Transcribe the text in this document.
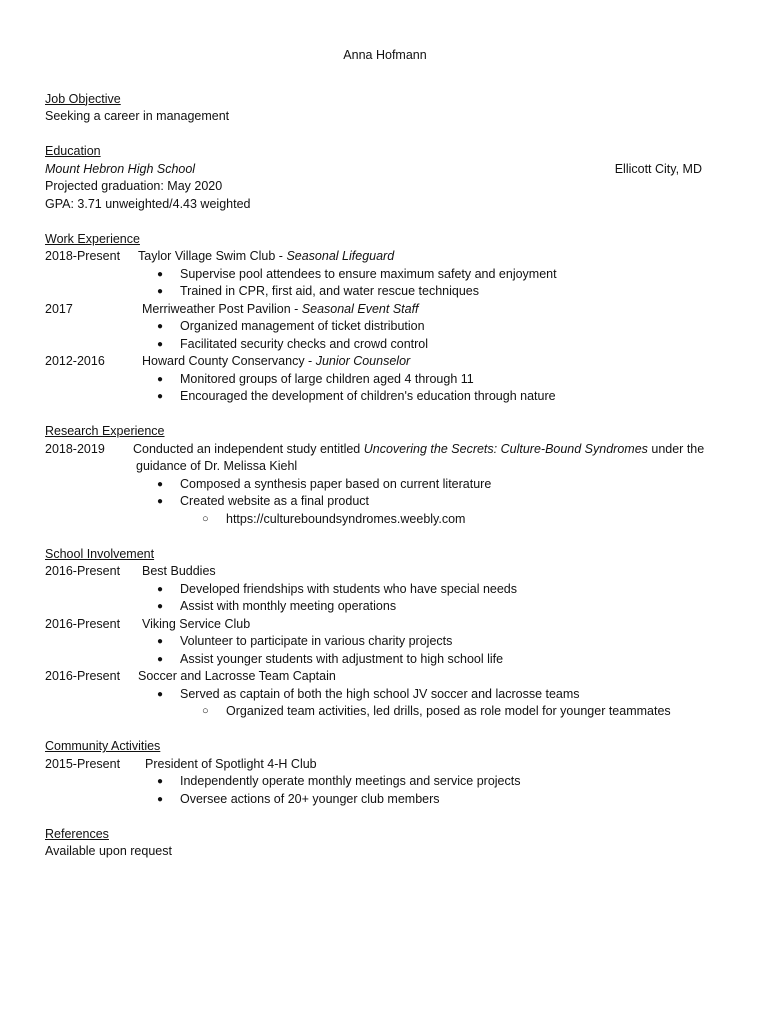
Anna Hofmann
Job Objective
Seeking a career in management
Education
Mount Hebron High School	Ellicott City, MD
Projected graduation: May 2020
GPA: 3.71 unweighted/4.43 weighted
Work Experience
2018-Present	Taylor Village Swim Club - Seasonal Lifeguard
● Supervise pool attendees to ensure maximum safety and enjoyment
● Trained in CPR, first aid, and water rescue techniques
2017	Merriweather Post Pavilion - Seasonal Event Staff
● Organized management of ticket distribution
● Facilitated security checks and crowd control
2012-2016	Howard County Conservancy - Junior Counselor
● Monitored groups of large children aged 4 through 11
● Encouraged the development of children's education through nature
Research Experience
2018-2019	Conducted an independent study entitled Uncovering the Secrets: Culture-Bound Syndromes under the
guidance of Dr. Melissa Kiehl
● Composed a synthesis paper based on current literature
● Created website as a final product
○ https://cultureboundsyndromes.weebly.com
School Involvement
2016-Present	Best Buddies
● Developed friendships with students who have special needs
● Assist with monthly meeting operations
2016-Present	Viking Service Club
● Volunteer to participate in various charity projects
● Assist younger students with adjustment to high school life
2016-Present	Soccer and Lacrosse Team Captain
● Served as captain of both the high school JV soccer and lacrosse teams
○ Organized team activities, led drills, posed as role model for younger teammates
Community Activities
2015-Present	President of Spotlight 4-H Club
● Independently operate monthly meetings and service projects
● Oversee actions of 20+ younger club members
References
Available upon request
